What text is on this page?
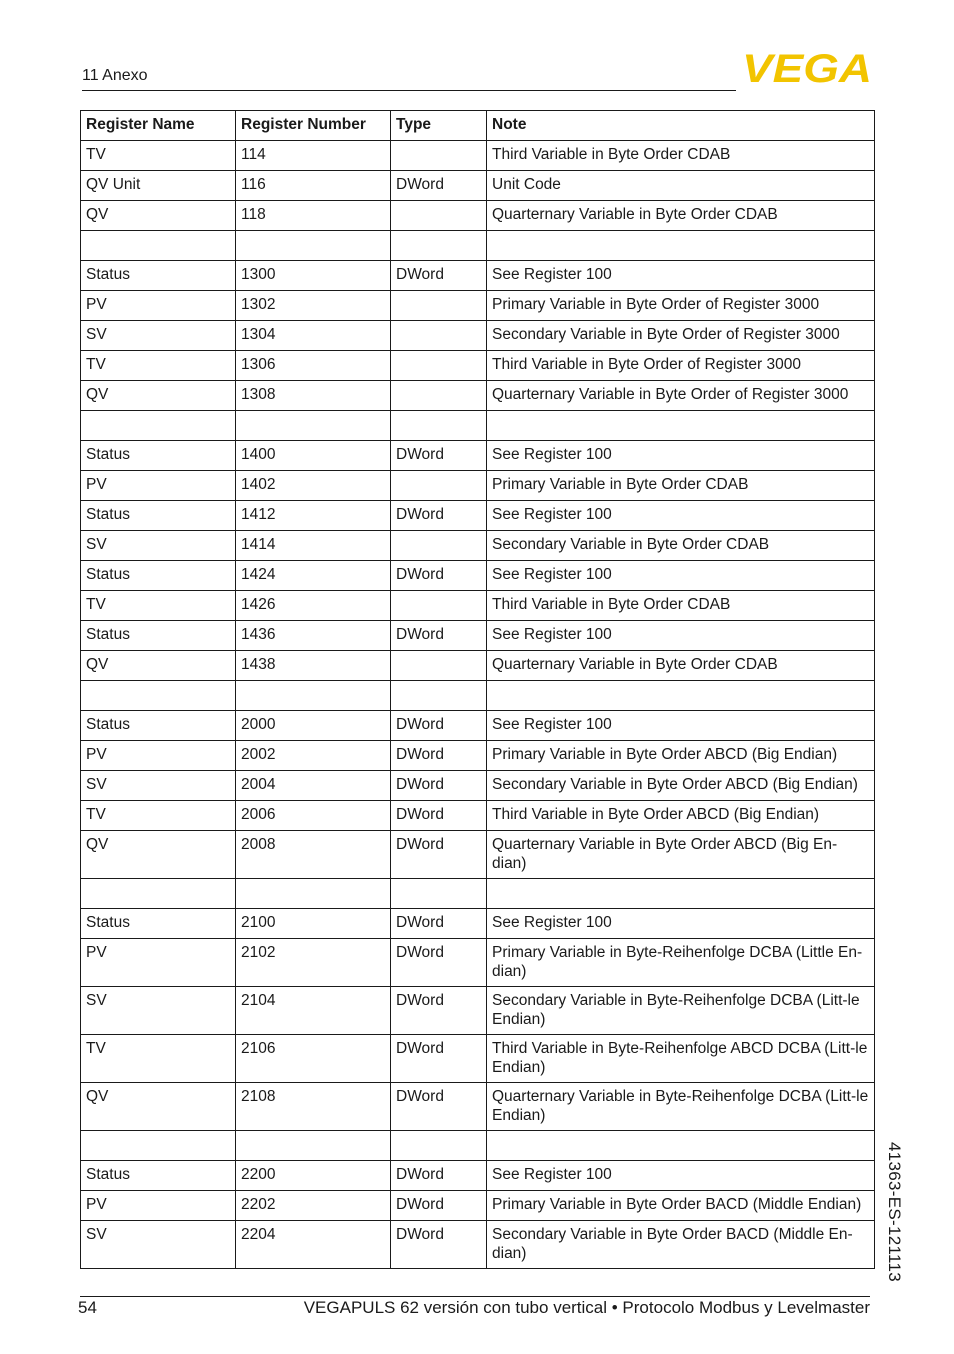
11 Anexo	VEGA
Register Name	Register Number	Type	Note
TV	114		Third Variable in Byte Order CDAB
QV Unit	116	DWord	Unit Code
QV	118		Quarternary Variable in Byte Order CDAB

Status	1300	DWord	See Register 100
PV	1302		Primary Variable in Byte Order of Register 3000
SV	1304		Secondary Variable in Byte Order of Register 3000
TV	1306		Third Variable in Byte Order of Register 3000
QV	1308		Quarternary Variable in Byte Order of Register 3000

Status	1400	DWord	See Register 100
PV	1402		Primary Variable in Byte Order CDAB
Status	1412	DWord	See Register 100
SV	1414		Secondary Variable in Byte Order CDAB
Status	1424	DWord	See Register 100
TV	1426		Third Variable in Byte Order CDAB
Status	1436	DWord	See Register 100
QV	1438		Quarternary Variable in Byte Order CDAB

Status	2000	DWord	See Register 100
PV	2002	DWord	Primary Variable in Byte Order ABCD (Big Endian)
SV	2004	DWord	Secondary Variable in Byte Order ABCD (Big Endian)
TV	2006	DWord	Third Variable in Byte Order ABCD (Big Endian)
QV	2008	DWord	Quarternary Variable in Byte Order ABCD (Big En-dian)

Status	2100	DWord	See Register 100
PV	2102	DWord	Primary Variable in Byte-Reihenfolge DCBA (Little En-dian)
SV	2104	DWord	Secondary Variable in Byte-Reihenfolge DCBA (Litt-le Endian)
TV	2106	DWord	Third Variable in Byte-Reihenfolge ABCD DCBA (Litt-le Endian)
QV	2108	DWord	Quarternary Variable in Byte-Reihenfolge DCBA (Litt-le Endian)

Status	2200	DWord	See Register 100
PV	2202	DWord	Primary Variable in Byte Order BACD (Middle Endian)
SV	2204	DWord	Secondary Variable in Byte Order BACD (Middle En-dian)	41363-ES-121113
54	VEGAPULS 62 versión con tubo vertical • Protocolo Modbus y Levelmaster
